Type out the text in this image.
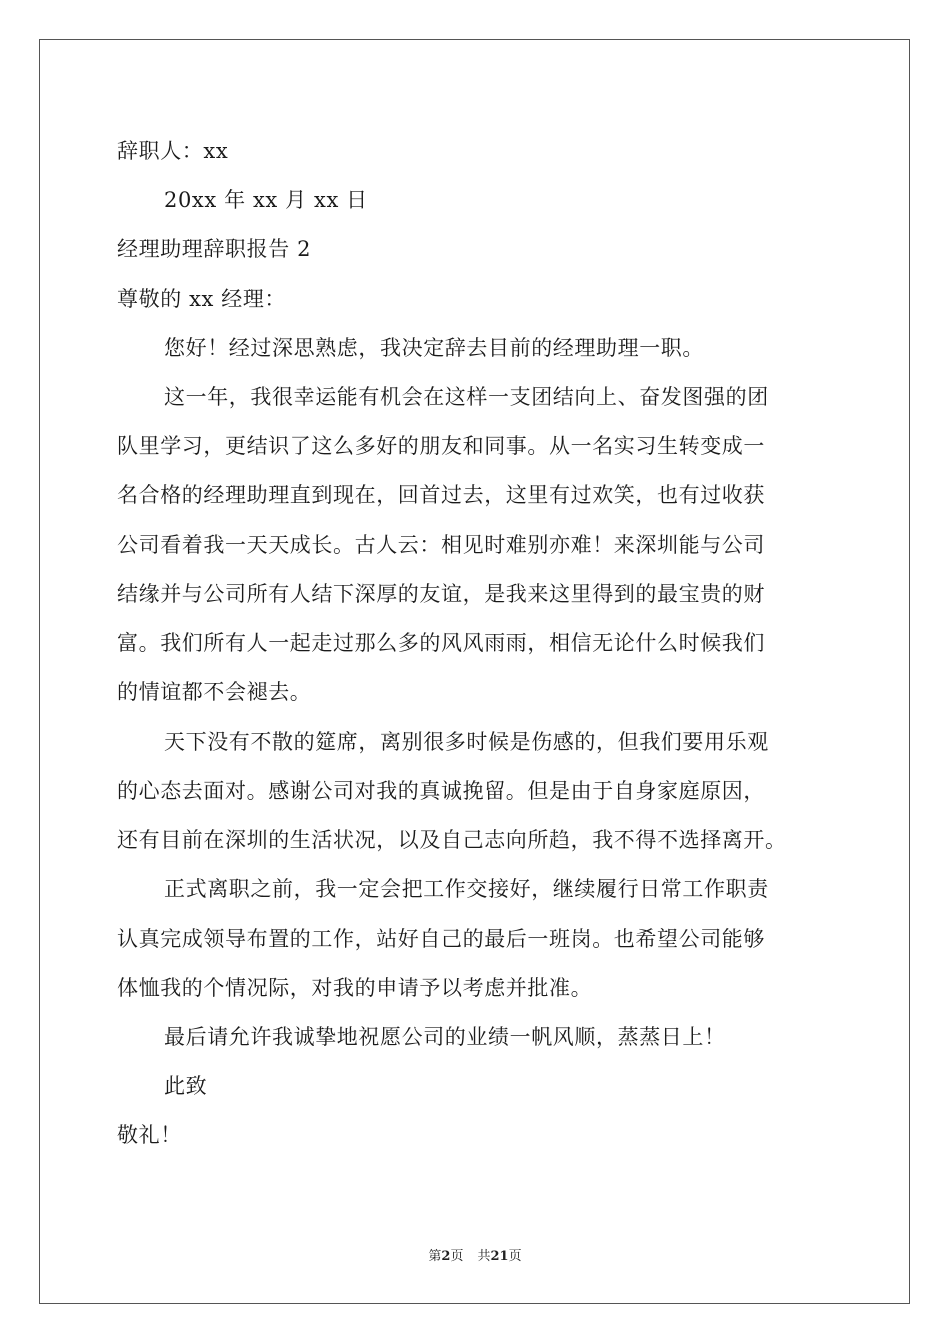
辞职人：xx
20xx 年 xx 月 xx 日
经理助理辞职报告 2
尊敬的 xx 经理：
您好！经过深思熟虑，我决定辞去目前的经理助理一职。
这一年，我很幸运能有机会在这样一支团结向上、奋发图强的团
队里学习，更结识了这么多好的朋友和同事。从一名实习生转变成一
名合格的经理助理直到现在，回首过去，这里有过欢笑，也有过收获
公司看着我一天天成长。古人云：相见时难别亦难！来深圳能与公司
结缘并与公司所有人结下深厚的友谊，是我来这里得到的最宝贵的财
富。我们所有人一起走过那么多的风风雨雨，相信无论什么时候我们
的情谊都不会褪去。
天下没有不散的筵席，离别很多时候是伤感的，但我们要用乐观
的心态去面对。感谢公司对我的真诚挽留。但是由于自身家庭原因，
还有目前在深圳的生活状况，以及自己志向所趋，我不得不选择离开。
正式离职之前，我一定会把工作交接好，继续履行日常工作职责
认真完成领导布置的工作，站好自己的最后一班岗。也希望公司能够
体恤我的个情况际，对我的申请予以考虑并批准。
最后请允许我诚挚地祝愿公司的业绩一帆风顺，蒸蒸日上！
此致
敬礼！
第2页 共21页
